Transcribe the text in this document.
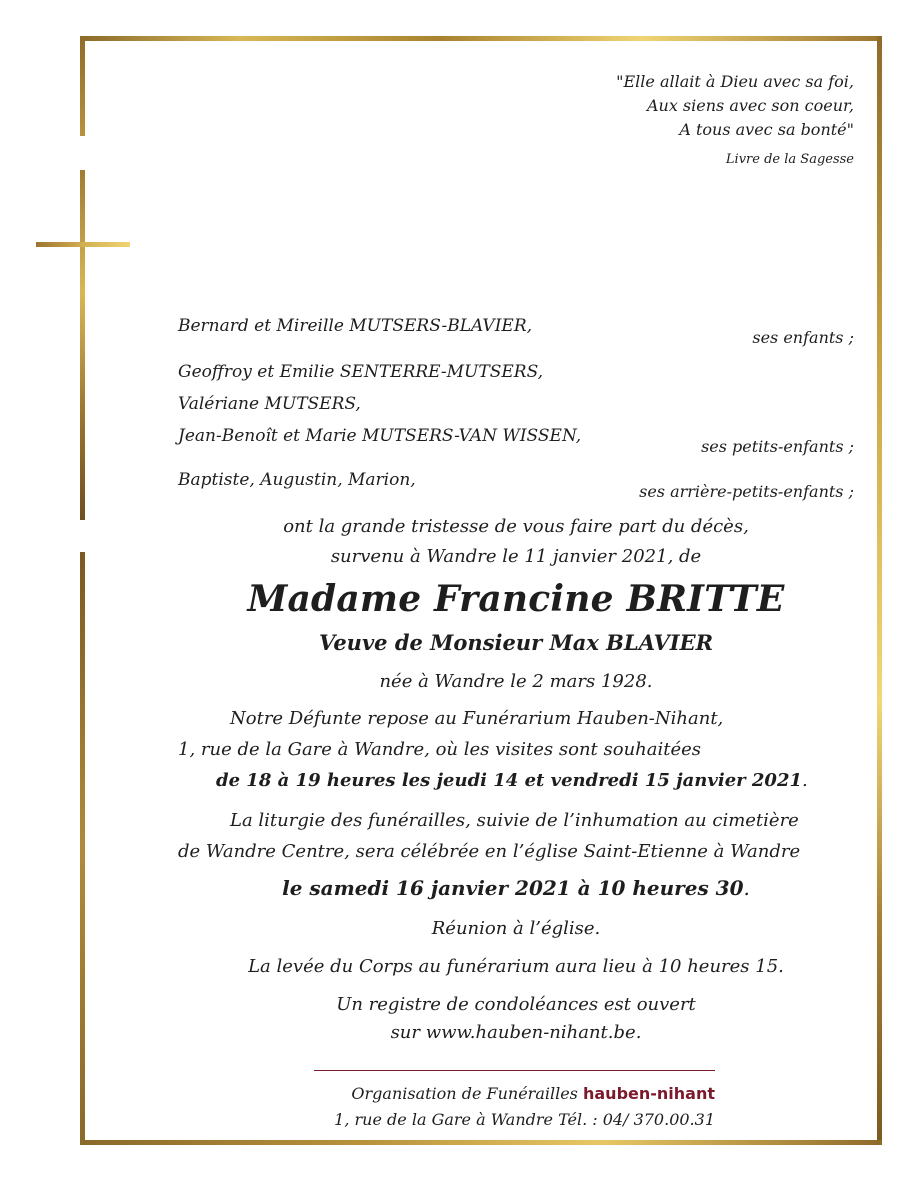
"Elle allait à Dieu avec sa foi,
Aux siens avec son coeur,
A tous avec sa bonté"
Livre de la Sagesse
Bernard et Mireille MUTSERS-BLAVIER,
ses enfants ;
Geoffroy et Emilie SENTERRE-MUTSERS,
Valériane MUTSERS,
Jean-Benoît et Marie MUTSERS-VAN WISSEN,
ses petits-enfants ;
Baptiste, Augustin, Marion,
ses arrière-petits-enfants ;
ont la grande tristesse de vous faire part du décès,
survenu à Wandre le 11 janvier 2021, de
Madame Francine BRITTE
Veuve de Monsieur Max BLAVIER
née à Wandre le 2 mars 1928.
Notre Défunte repose au Funérarium Hauben-Nihant,
1, rue de la Gare à Wandre, où les visites sont souhaitées
de 18 à 19 heures les jeudi 14 et vendredi 15 janvier 2021.
La liturgie des funérailles, suivie de l’inhumation au cimetière
de Wandre Centre, sera célébrée en l’église Saint-Etienne à Wandre
le samedi 16 janvier 2021 à 10 heures 30.
Réunion à l’église.
La levée du Corps au funérarium aura lieu à 10 heures 15.
Un registre de condoléances est ouvert
sur www.hauben-nihant.be.
Organisation de Funérailles hauben-nihant
1, rue de la Gare à Wandre Tél. : 04/ 370.00.31
